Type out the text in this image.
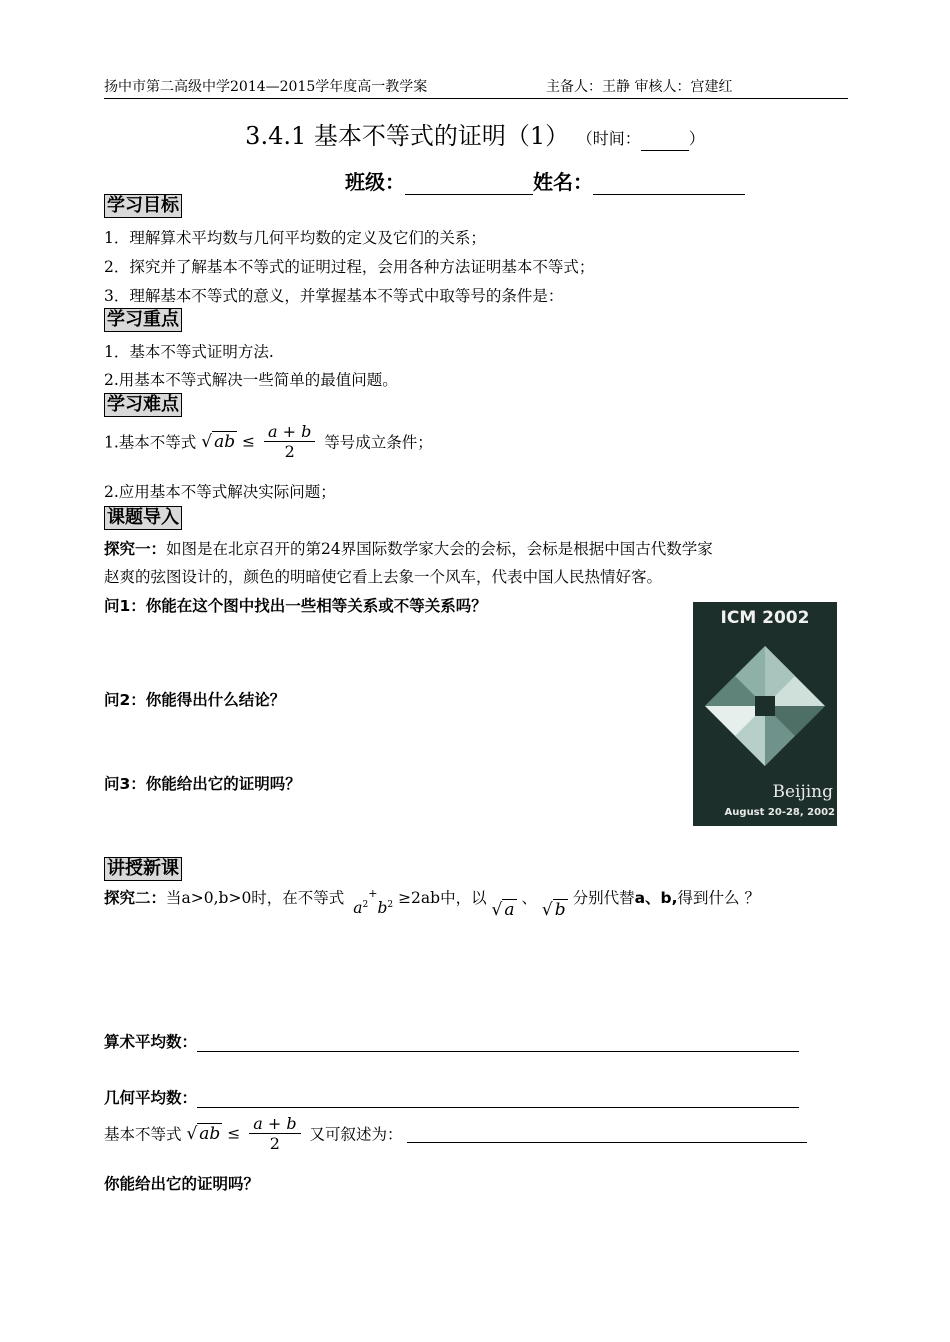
扬中市第二高级中学2014—2015学年度高一教学案	主备人：王静 审核人：宫建红
3.4.1 基本不等式的证明（1） （时间：	）
班级：	姓名：
学习目标
1．理解算术平均数与几何平均数的定义及它们的关系；
2．探究并了解基本不等式的证明过程，会用各种方法证明基本不等式；
3．理解基本不等式的意义，并掌握基本不等式中取等号的条件是：
学习重点
1．基本不等式证明方法.
2.用基本不等式解决一些简单的最值问题。
学习难点
1.基本不等式 √ ab ≤ $\frac{a + b}{2}$ 等号成立条件；
2.应用基本不等式解决实际问题；
课题导入
探究一：如图是在北京召开的第24界国际数学家大会的会标，会标是根据中国古代数学家
赵爽的弦图设计的，颜色的明暗使它看上去象一个风车，代表中国人民热情好客。
问1：你能在这个图中找出一些相等关系或不等关系吗？
问2：你能得出什么结论？
问3：你能给出它的证明吗？
ICM 2002
Beijing
August 20-28, 2002
讲授新课
探究二：当a>0,b>0时，在不等式 $a^{2+}b^2 \ge 2ab$中，以 √ a 、 √ b 分别代替a、b,得到什么 ？
算术平均数：
几何平均数：
基本不等式 √ ab ≤ $\frac{a + b}{2}$ 又可叙述为：
你能给出它的证明吗？
